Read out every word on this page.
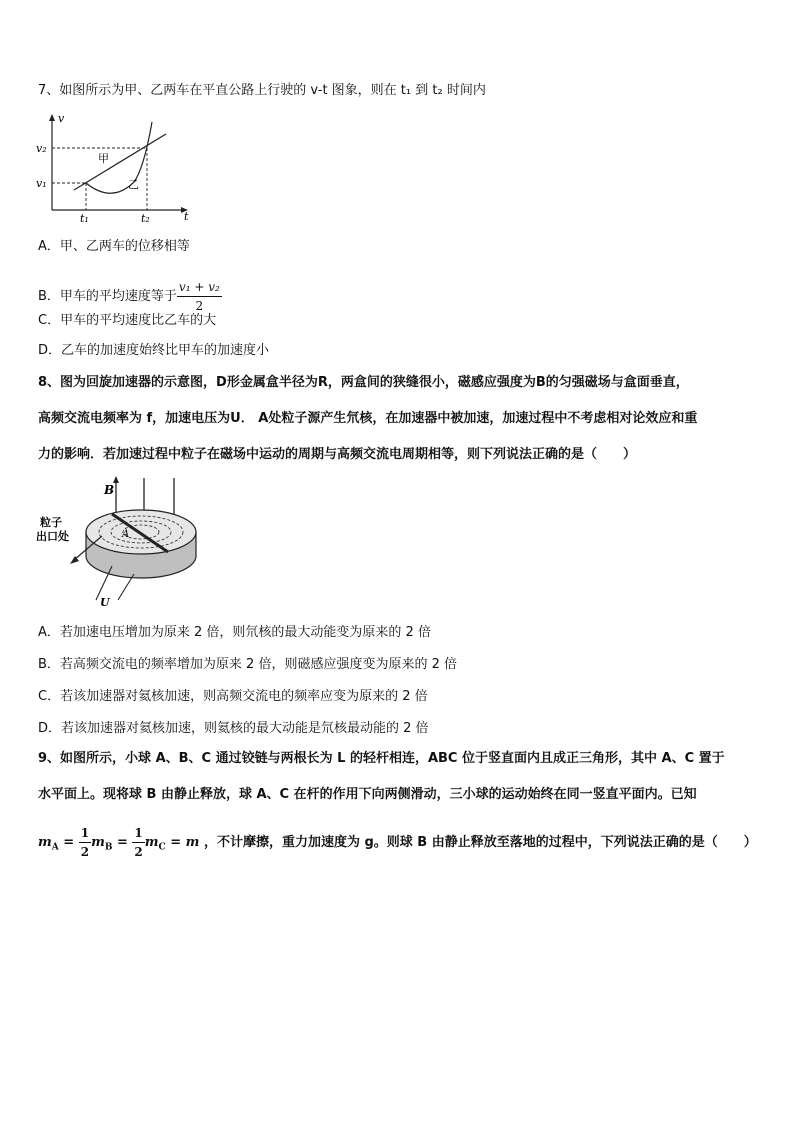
7、如图所示为甲、乙两车在平直公路上行驶的 v-t 图象，则在 t₁ 到 t₂ 时间内
v
t
v₂
v₁
t₁	t₂
甲
乙
A．甲、乙两车的位移相等
B．甲车的平均速度等于 $\frac{\text{v₁ + v₂}}{2}$
C．甲车的平均速度比乙车的大
D．乙车的加速度始终比甲车的加速度小
8、图为回旋加速器的示意图，D形金属盒半径为R，两盒间的狭缝很小，磁感应强度为B的匀强磁场与盒面垂直，
高频交流电频率为 f，加速电压为U． A处粒子源产生氘核，在加速器中被加速，加速过程中不考虑相对论效应和重
力的影响．若加速过程中粒子在磁场中运动的周期与高频交流电周期相等，则下列说法正确的是（　　）
B
A
粒子
出口处
U
A．若加速电压增加为原来 2 倍，则氘核的最大动能变为原来的 2 倍
B．若高频交流电的频率增加为原来 2 倍，则磁感应强度变为原来的 2 倍
C．若该加速器对氦核加速，则高频交流电的频率应变为原来的 2 倍
D．若该加速器对氦核加速，则氦核的最大动能是氘核最动能的 2 倍
9、如图所示，小球 A、B、C 通过铰链与两根长为 L 的轻杆相连，ABC 位于竖直面内且成正三角形，其中 A、C 置于
水平面上。现将球 B 由静止释放，球 A、C 在杆的作用下向两侧滑动，三小球的运动始终在同一竖直平面内。已知
$m_A = \frac{1}{2} m_B = \frac{1}{2} m_C = m$ ，不计摩擦，重力加速度为 g。则球 B 由静止释放至落地的过程中，下列说法正确的是（　　）
